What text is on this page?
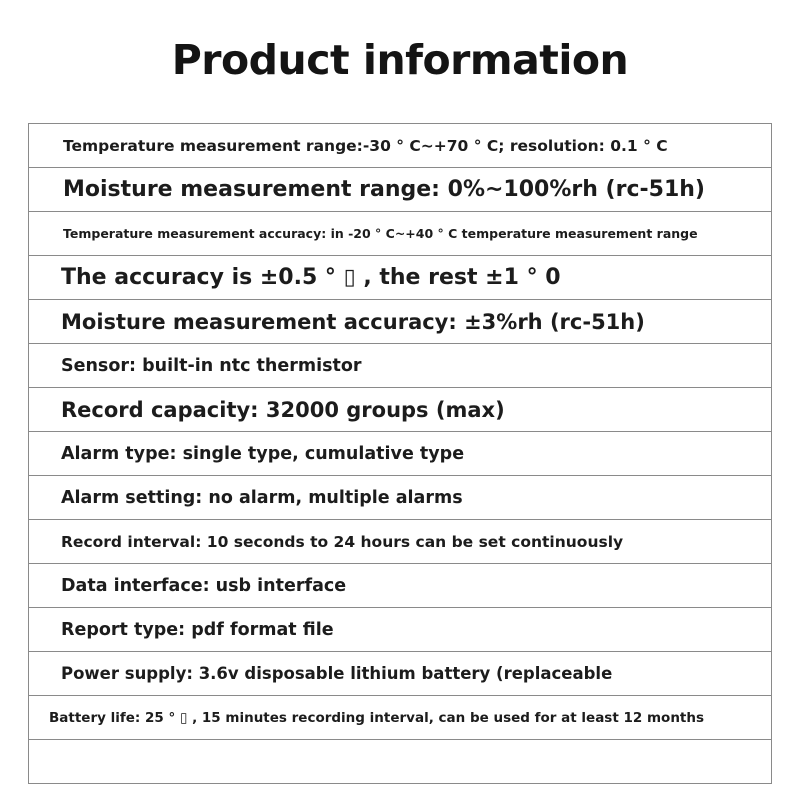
Product information
Temperature measurement range:-30 ° C~+70 ° C; resolution: 0.1 ° C
Moisture measurement range: 0%~100%rh (rc-51h)
Temperature measurement accuracy: in -20 ° C~+40 ° C temperature measurement range
The accuracy is ±0.5 ° ▯ , the rest ±1 ° 0
Moisture measurement accuracy: ±3%rh (rc-51h)
Sensor: built-in ntc thermistor
Record capacity: 32000 groups (max)
Alarm type: single type, cumulative type
Alarm setting: no alarm, multiple alarms
Record interval: 10 seconds to 24 hours can be set continuously
Data interface: usb interface
Report type: pdf format file
Power supply: 3.6v disposable lithium battery (replaceable
Battery life: 25 ° ▯ , 15 minutes recording interval, can be used for at least 12 months
